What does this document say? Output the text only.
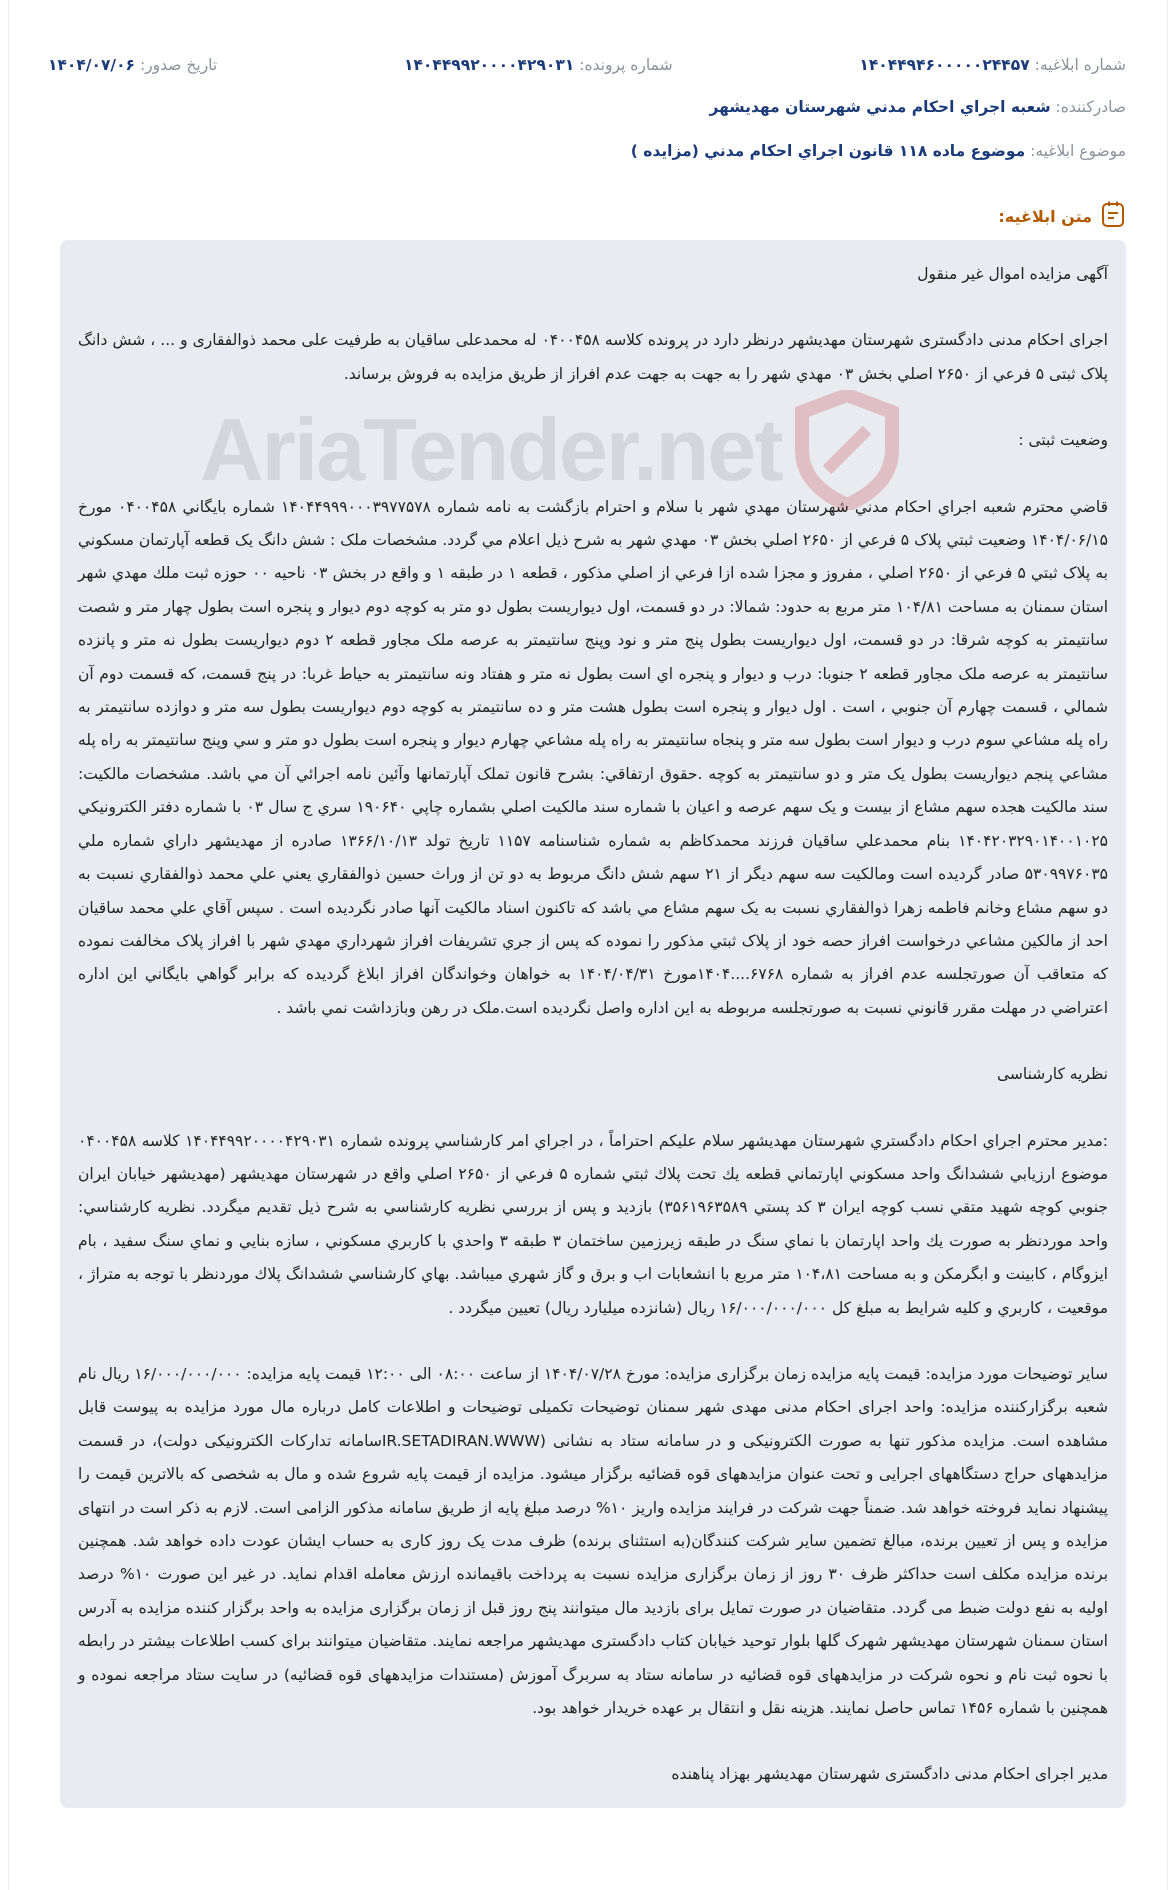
شماره ابلاغیه: ۱۴۰۴۴۹۴۶۰۰۰۰۰۲۴۴۵۷
شماره پرونده: ۱۴۰۴۴۹۹۲۰۰۰۰۴۲۹۰۳۱
تاریخ صدور: ۱۴۰۴/۰۷/۰۶
صادرکننده: شعبه اجراي احكام مدني شهرستان مهديشهر
موضوع ابلاغیه: موضوع ماده ۱۱۸ قانون اجراي احكام مدني (مزايده )
متن ابلاغیه:
AriaTender.net

آگهی مزایده اموال غیر منقول

اجرای احکام مدنی دادگستری شهرستان مهدیشهر درنظر دارد در پرونده کلاسه ۰۴۰۰۴۵۸ له محمدعلی ساقیان به طرفیت علی محمد ذوالفقاری و ... ، شش دانگ پلاک ثبتی ۵ فرعي از ۲۶۵۰ اصلي بخش ۰۳ مهدي شهر را به جهت به جهت عدم افراز از طریق مزایده به فروش برساند.

وضعیت ثبتی :

قاضي محترم شعبه اجراي احكام مدني شهرستان مهدي شهر با سلام و احترام بازگشت به نامه شماره ۱۴۰۴۴۹۹۹۰۰۰۳۹۷۷۵۷۸ شماره بايگاني ۰۴۰۰۴۵۸ مورخ ۱۴۰۴/۰۶/۱۵ وضعيت ثبتي پلاک ۵ فرعي از ۲۶۵۰ اصلي بخش ۰۳ مهدي شهر به شرح ذيل اعلام مي گردد. مشخصات ملک : شش دانگ يک قطعه آپارتمان مسكوني به پلاک ثبتي ۵ فرعي از ۲۶۵۰ اصلي ، مفروز و مجزا شده ازا فرعي از اصلي مذكور ، قطعه ۱ در طبقه ۱ و واقع در بخش ۰۳ ناحيه ۰۰ حوزه ثبت ملك مهدي شهر استان سمنان به مساحت ۱۰۴/۸۱ متر مربع به حدود: شمالا: در دو قسمت، اول ديواريست بطول دو متر به كوچه دوم ديوار و پنجره است بطول چهار متر و شصت سانتيمتر به كوچه شرقا: در دو قسمت، اول ديواريست بطول پنج متر و نود وپنج سانتيمتر به عرصه ملک مجاور قطعه ۲ دوم ديواريست بطول نه متر و پانزده سانتيمتر به عرصه ملک مجاور قطعه ۲ جنوبا: درب و ديوار و پنجره اي است بطول نه متر و هفتاد ونه سانتيمتر به حياط غربا: در پنج قسمت، كه قسمت دوم آن شمالي ، قسمت چهارم آن جنوبي ، است . اول ديوار و پنجره است بطول هشت متر و ده سانتيمتر به كوچه دوم ديواريست بطول سه متر و دوازده سانتيمتر به راه پله مشاعي سوم درب و ديوار است بطول سه متر و پنجاه سانتيمتر به راه پله مشاعي چهارم ديوار و پنجره است بطول دو متر و سي وپنج سانتيمتر به راه پله مشاعي پنجم ديواريست بطول يک متر و دو سانتيمتر به كوچه .حقوق ارتفاقي: بشرح قانون تملک آپارتمانها وآئين نامه اجرائي آن مي باشد. مشخصات مالكيت: سند مالكيت هجده سهم مشاع از بيست و يک سهم عرصه و اعيان با شماره سند مالكيت اصلي بشماره چاپي ۱۹۰۶۴۰ سري ج سال ۰۳ با شماره دفتر الكترونيكي ۱۴۰۴۲۰۳۲۹۰۱۴۰۰۱۰۲۵ بنام محمدعلي ساقيان فرزند محمدكاظم به شماره شناسنامه ۱۱۵۷ تاريخ تولد ۱۳۶۶/۱۰/۱۳ صادره از مهديشهر داراي شماره ملي ۵۳۰۹۹۷۶۰۳۵ صادر گرديده است ومالكيت سه سهم ديگر از ۲۱ سهم شش دانگ مربوط به دو تن از وراث حسين ذوالفقاري يعني علي محمد ذوالفقاري نسبت به دو سهم مشاع وخانم فاطمه زهرا ذوالفقاري نسبت به يک سهم مشاع مي باشد كه تاكنون اسناد مالكيت آنها صادر نگرديده است . سپس آقاي علي محمد ساقيان احد از مالكين مشاعي درخواست افراز حصه خود از پلاک ثبتي مذكور را نموده كه پس از جري تشريفات افراز شهرداري مهدي شهر با افراز پلاک مخالفت نموده كه متعاقب آن صورتجلسه عدم افراز به شماره ۶۷۶۸....۱۴۰۴مورخ ۱۴۰۴/۰۴/۳۱ به خواهان وخواندگان افراز ابلاغ گرديده كه برابر گواهي بايگاني اين اداره اعتراضي در مهلت مقرر قانوني نسبت به صورتجلسه مربوطه به اين اداره واصل نگرديده است.ملک در رهن وبازداشت نمي باشد .

نظریه کارشناسی

:مدير محترم اجراي احكام دادگستري شهرستان مهديشهر سلام عليكم احتراماً ، در اجراي امر كارشناسي پرونده شماره ۱۴۰۴۴۹۹۲۰۰۰۰۴۲۹۰۳۱ كلاسه ۰۴۰۰۴۵۸ موضوع ارزيابي ششدانگ واحد مسكوني اپارتماني قطعه يك تحت پلاك ثبتي شماره ۵ فرعي از ۲۶۵۰ اصلي واقع در شهرستان مهديشهر (مهديشهر خيابان ايران جنوبي كوچه شهيد متقي نسب كوچه ايران ۳ كد پستي ۳۵۶۱۹۶۳۵۸۹) بازديد و پس از بررسي نظريه كارشناسي به شرح ذيل تقديم ميگردد. نظريه كارشناسي: واحد موردنظر به صورت يك واحد اپارتمان با نماي سنگ در طبقه زيرزمين ساختمان ۳ طبقه ۳ واحدي با كاربري مسكوني ، سازه بنايي و نماي سنگ سفيد ، بام ايزوگام ، كابينت و ابگرمكن و به مساحت ۱۰۴،۸۱ متر مربع با انشعابات اب و برق و گاز شهري ميباشد. بهاي كارشناسي ششدانگ پلاك موردنظر با توجه به متراژ ، موقعيت ، كاربري و كليه شرايط به مبلغ كل ۱۶/۰۰۰/۰۰۰/۰۰۰ ريال (شانزده ميليارد ريال) تعيين ميگردد .

سایر توضیحات مورد مزایده: قیمت پایه مزایده زمان برگزاری مزایده: مورخ ۱۴۰۴/۰۷/۲۸ از ساعت ۰۸:۰۰ الی ۱۲:۰۰ قیمت پایه مزایده: ۱۶/۰۰۰/۰۰۰/۰۰۰ ریال نام شعبه برگزارکننده مزایده: واحد اجرای احکام مدنی مهدی شهر سمنان توضیحات تکمیلی توضیحات و اطلاعات کامل درباره مال مورد مزایده به پیوست قابل مشاهده است. مزایده مذکور تنها به صورت الکترونیکی و در سامانه ستاد به نشانی (IR.SETADIRAN.WWWسامانه تدارکات الکترونیکی دولت)، در قسمت مزایدههای حراج دستگاههای اجرایی و تحت عنوان مزایدههای قوه قضائیه برگزار میشود. مزایده از قیمت پایه شروع شده و مال به شخصی که بالاترین قیمت را پیشنهاد نماید فروخته خواهد شد. ضمناً جهت شرکت در فرایند مزایده واریز ۱۰% درصد مبلغ پایه از طریق سامانه مذکور الزامی است. لازم به ذکر است در انتهای مزایده و پس از تعیین برنده، مبالغ تضمین سایر شرکت کنندگان(به استثنای برنده) ظرف مدت یک روز کاری به حساب ایشان عودت داده خواهد شد. همچنین برنده مزایده مکلف است حداکثر ظرف ۳۰ روز از زمان برگزاری مزایده نسبت به پرداخت باقیمانده ارزش معامله اقدام نماید. در غیر این صورت ۱۰% درصد اولیه به نفع دولت ضبط می گردد. متقاضیان در صورت تمایل برای بازدید مال میتوانند پنج روز قبل از زمان برگزاری مزایده به واحد برگزار کننده مزایده به آدرس استان سمنان شهرستان مهدیشهر شهرک گلها بلوار توحید خیابان کتاب دادگستری مهدیشهر مراجعه نمایند. متقاضیان میتوانند برای کسب اطلاعات بیشتر در رابطه با نحوه ثبت نام و نحوه شرکت در مزایدههای قوه قضائیه در سامانه ستاد به سربرگ آموزش (مستندات مزایدههای قوه قضائیه) در سایت ستاد مراجعه نموده و همچنین با شماره ۱۴۵۶ تماس حاصل نمایند. هزینه نقل و انتقال بر عهده خریدار خواهد بود.

مدیر اجرای احکام مدنی دادگستری شهرستان مهدیشهر بهزاد پناهنده
